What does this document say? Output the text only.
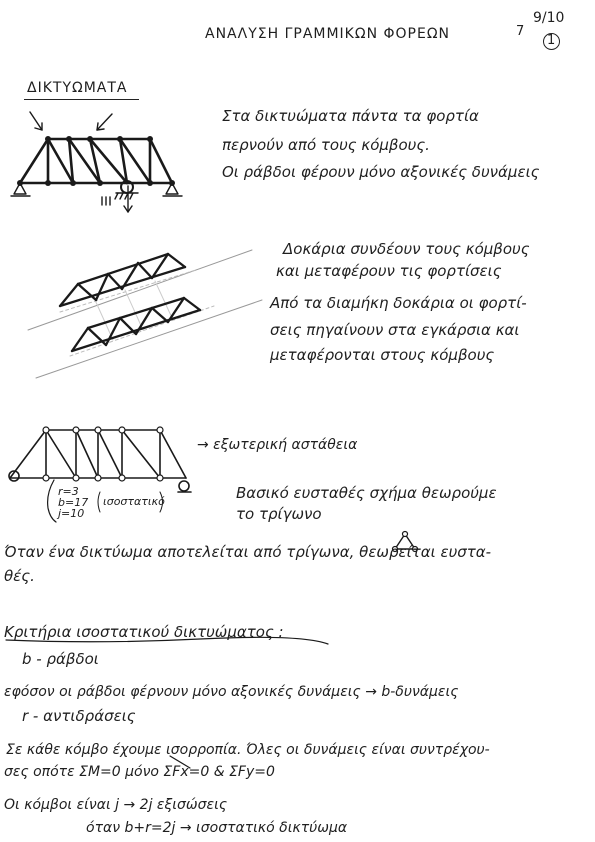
ΑΝΑΛΥΣΗ ΓΡΑΜΜΙΚΩΝ ΦΟΡΕΩΝ	7
9/10
1
ΔΙΚΤΥΩΜΑΤΑ
Στα δικτυώματα πάντα τα φορτία
περνούν από τους κόμβους.
Οι ράβδοι φέρουν μόνο αξονικές δυνάμεις
Δοκάρια συνδέουν τους κόμβους
και μεταφέρουν τις φορτίσεις
Από τα διαμήκη δοκάρια οι φορτί-
σεις πηγαίνουν στα εγκάρσια και
μεταφέρονται στους κόμβους
→ εξωτερική αστάθεια
r=3
b=17
j=10
ισοστατικό	Βασικό ευσταθές σχήμα θεωρούμε
το τρίγωνο
Όταν ένα δικτύωμα αποτελείται από τρίγωνα, θεωρείται ευστα-
θές.
Κριτήρια ισοστατικού δικτυώματος :
b - ράβδοι
εφόσον οι ράβδοι φέρνουν μόνο αξονικές δυνάμεις → b-δυνάμεις
r - αντιδράσεις
Σε κάθε κόμβο έχουμε ισορροπία. Όλες οι δυνάμεις είναι συντρέχου-
σες οπότε ΣΜ=0 μόνο ΣFx=0 & ΣFy=0
Οι κόμβοι είναι j → 2j εξισώσεις
όταν b+r=2j → ισοστατικό δικτύωμα
